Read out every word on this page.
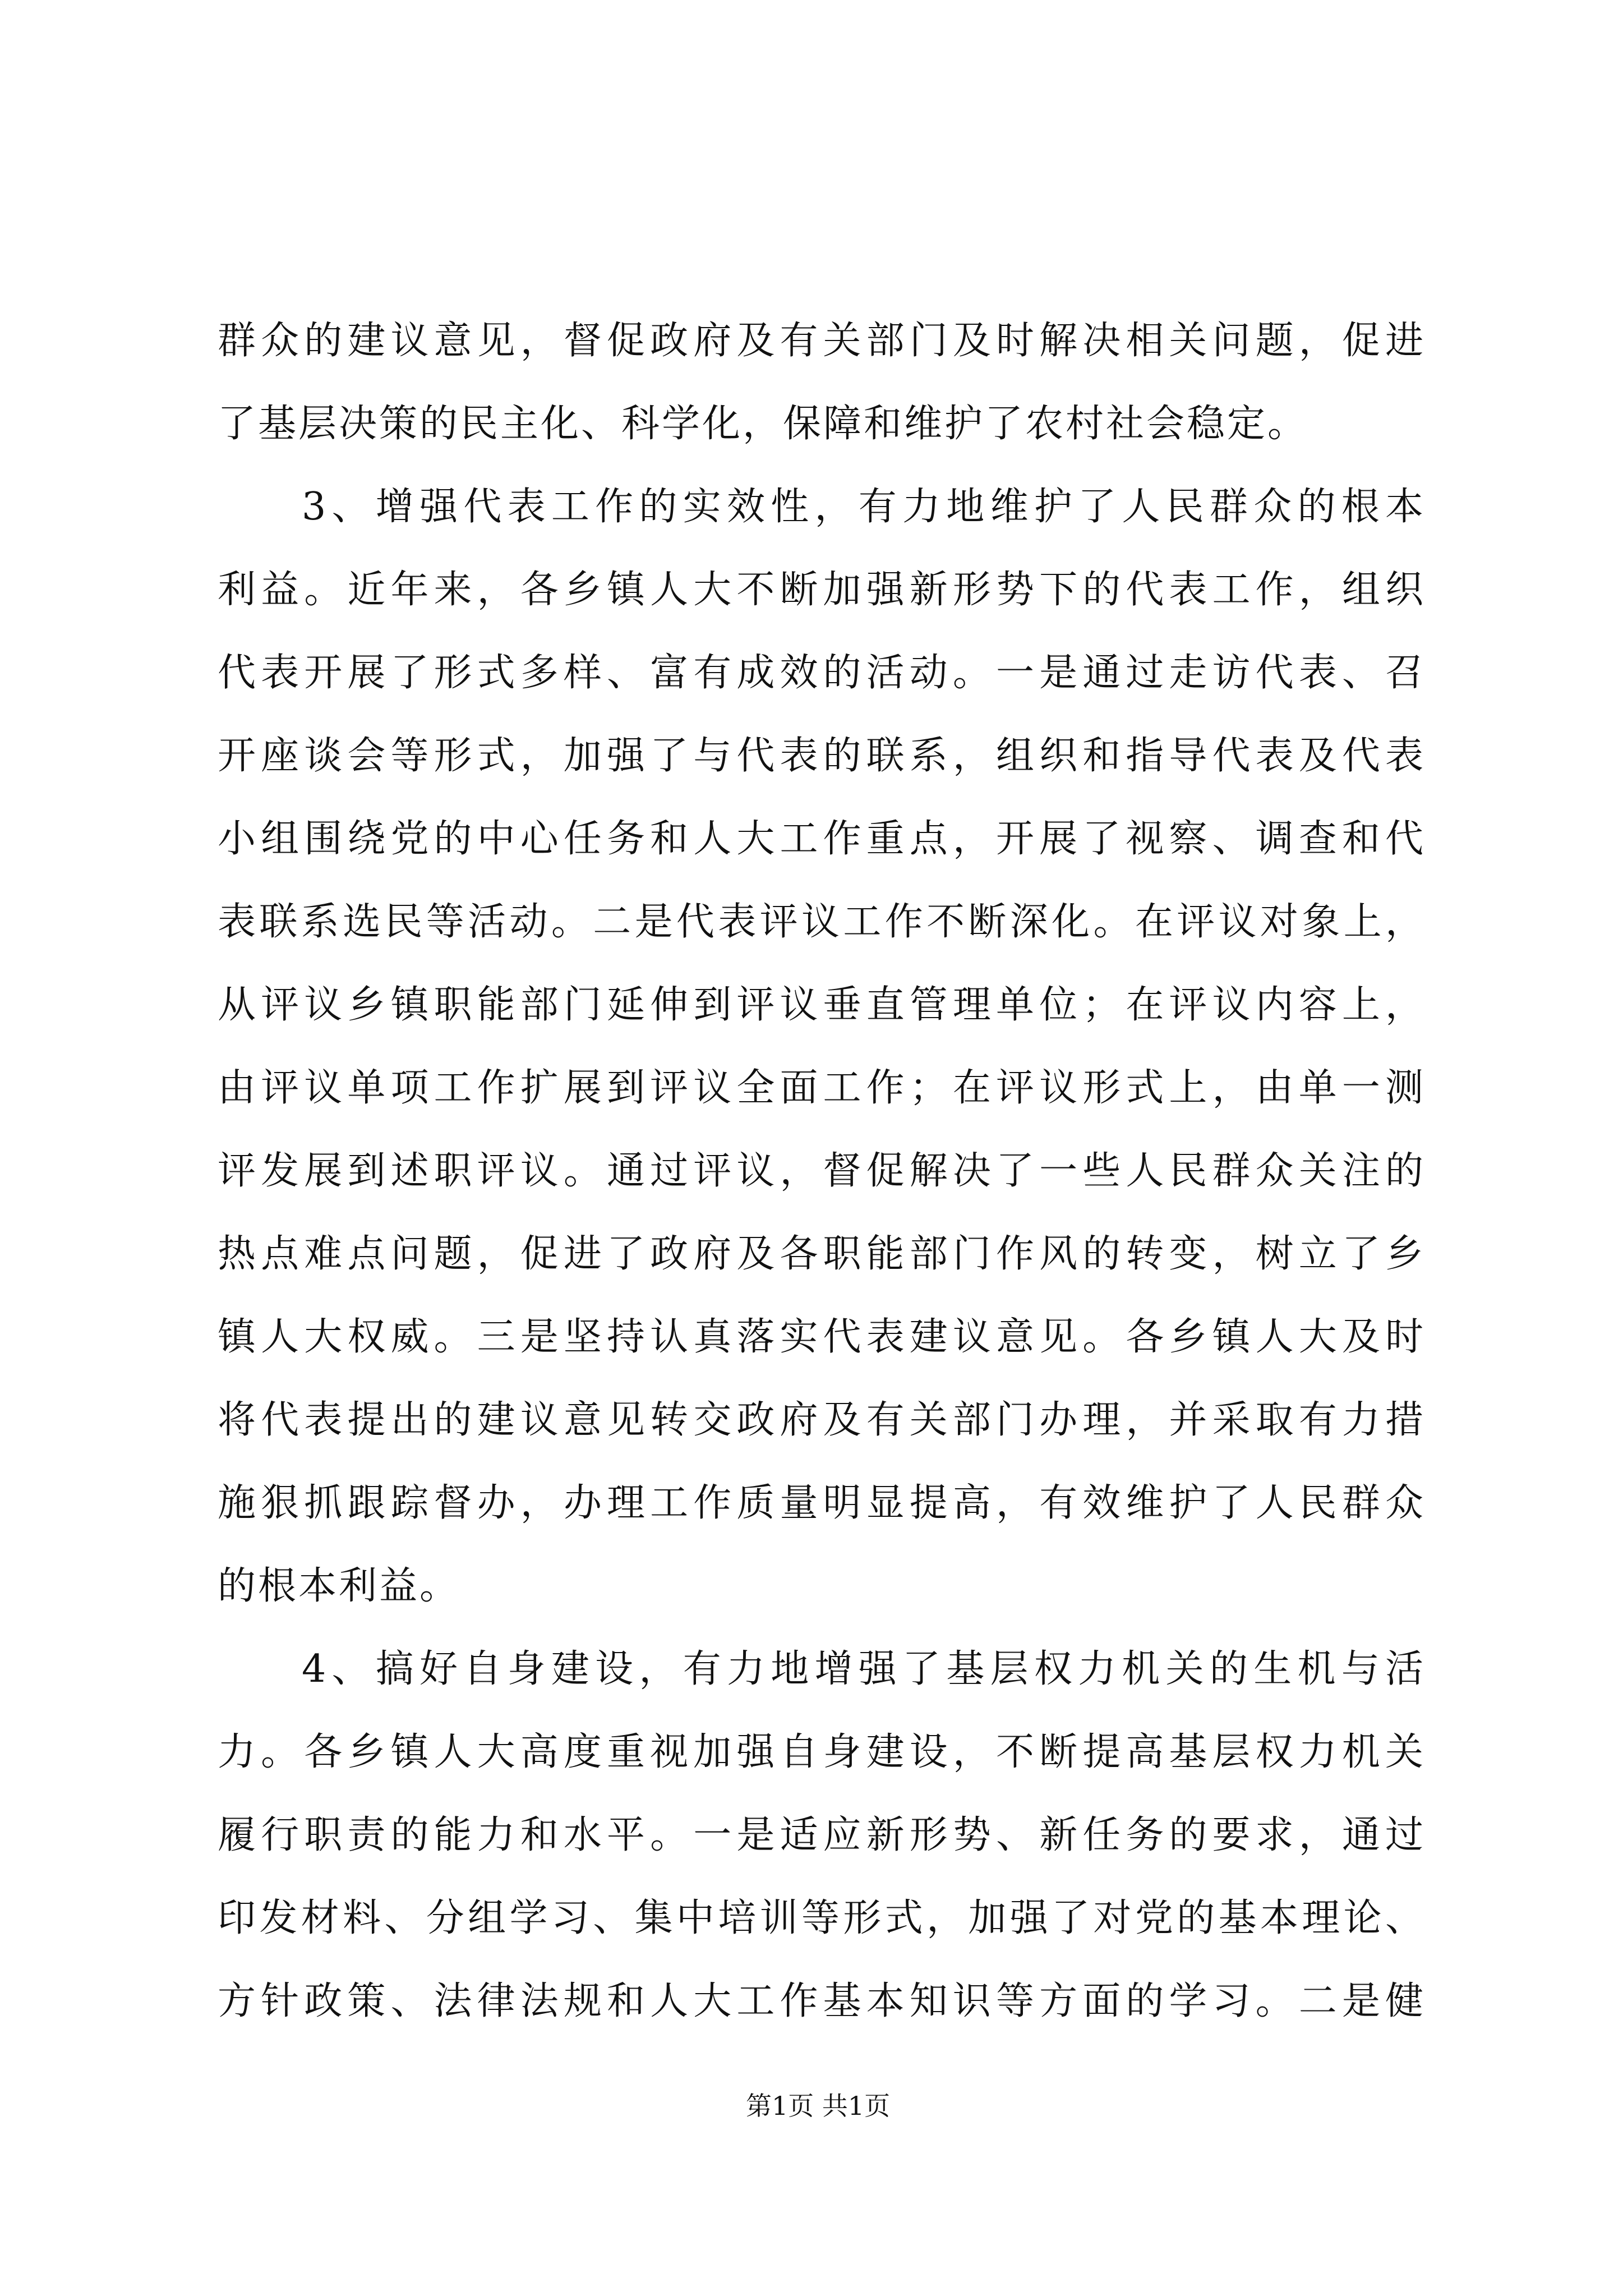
群众的建议意见，督促政府及有关部门及时解决相关问题，促进
了基层决策的民主化、科学化，保障和维护了农村社会稳定。
3、增强代表工作的实效性，有力地维护了人民群众的根本
利益。近年来，各乡镇人大不断加强新形势下的代表工作，组织
代表开展了形式多样、富有成效的活动。一是通过走访代表、召
开座谈会等形式，加强了与代表的联系，组织和指导代表及代表
小组围绕党的中心任务和人大工作重点，开展了视察、调查和代
表联系选民等活动。二是代表评议工作不断深化。在评议对象上，
从评议乡镇职能部门延伸到评议垂直管理单位；在评议内容上，
由评议单项工作扩展到评议全面工作；在评议形式上，由单一测
评发展到述职评议。通过评议，督促解决了一些人民群众关注的
热点难点问题，促进了政府及各职能部门作风的转变，树立了乡
镇人大权威。三是坚持认真落实代表建议意见。各乡镇人大及时
将代表提出的建议意见转交政府及有关部门办理，并采取有力措
施狠抓跟踪督办，办理工作质量明显提高，有效维护了人民群众
的根本利益。
4、搞好自身建设，有力地增强了基层权力机关的生机与活
力。各乡镇人大高度重视加强自身建设，不断提高基层权力机关
履行职责的能力和水平。一是适应新形势、新任务的要求，通过
印发材料、分组学习、集中培训等形式，加强了对党的基本理论、
方针政策、法律法规和人大工作基本知识等方面的学习。二是健
第1页 共1页
